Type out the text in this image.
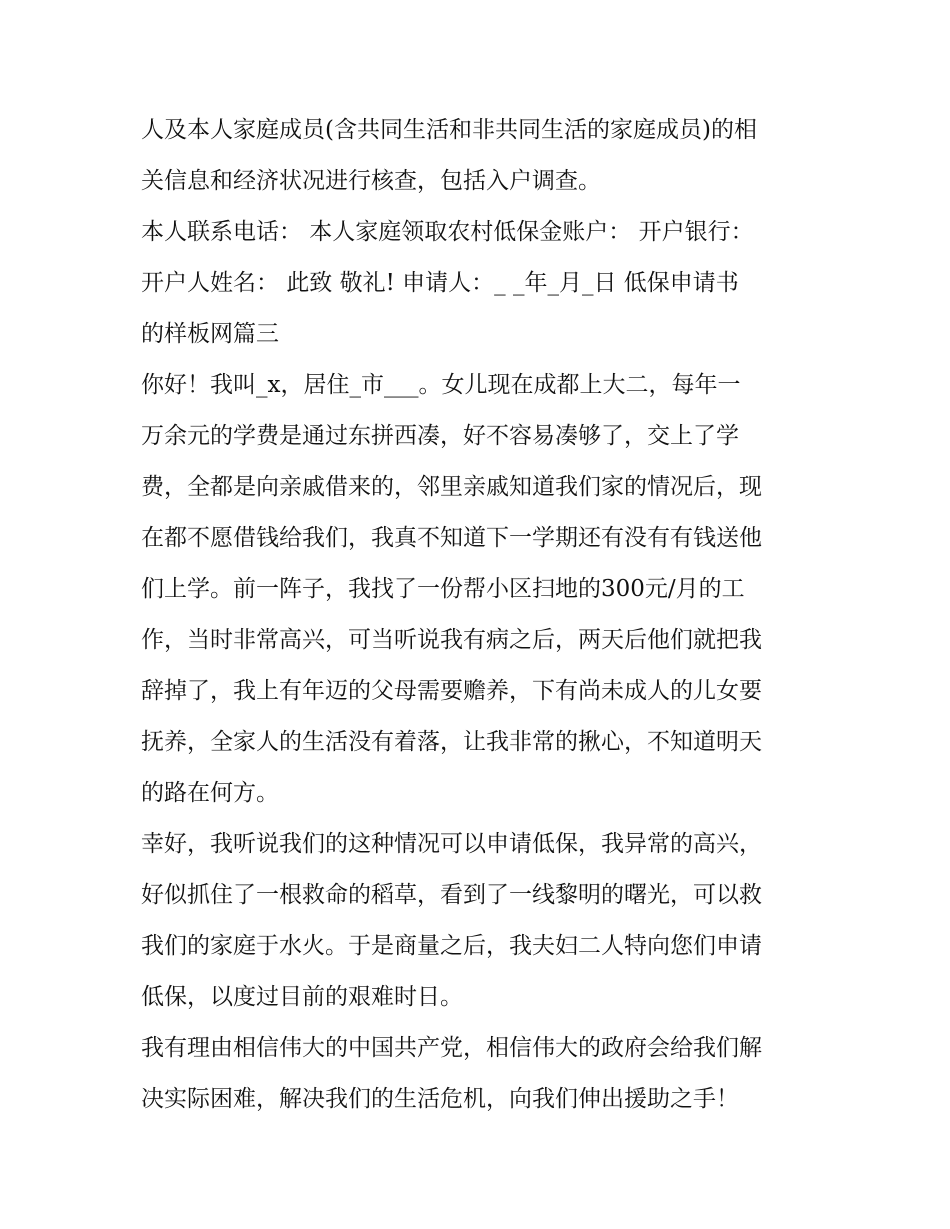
人及本人家庭成员(含共同生活和非共同生活的家庭成员)的相
关信息和经济状况进行核查，包括入户调查。
本人联系电话： 本人家庭领取农村低保金账户： 开户银行：
开户人姓名： 此致 敬礼! 申请人：_ _年_月_日 低保申请书
的样板网篇三
你好！我叫_x，居住_市___。女儿现在成都上大二，每年一
万余元的学费是通过东拼西凑，好不容易凑够了，交上了学
费，全都是向亲戚借来的，邻里亲戚知道我们家的情况后，现
在都不愿借钱给我们，我真不知道下一学期还有没有有钱送他
们上学。前一阵子，我找了一份帮小区扫地的300元/月的工
作，当时非常高兴，可当听说我有病之后，两天后他们就把我
辞掉了，我上有年迈的父母需要赡养，下有尚未成人的儿女要
抚养，全家人的生活没有着落，让我非常的揪心，不知道明天
的路在何方。
幸好，我听说我们的这种情况可以申请低保，我异常的高兴，
好似抓住了一根救命的稻草，看到了一线黎明的曙光，可以救
我们的家庭于水火。于是商量之后，我夫妇二人特向您们申请
低保，以度过目前的艰难时日。
我有理由相信伟大的中国共产党，相信伟大的政府会给我们解
决实际困难，解决我们的生活危机，向我们伸出援助之手！
